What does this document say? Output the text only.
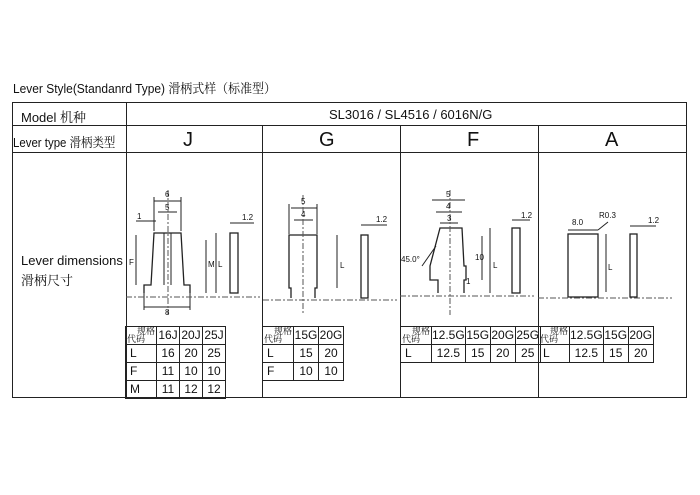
Lever Style(Standanrd Type) 滑柄式样（标准型）
Model 机种	SL3016 / SL4516 / 6016N/G
Lever type 滑柄类型	J	G	F	A
Lever dimensions
滑柄尺寸
6
5
1	1.2
8
F	M L
5
4
1.2
L
5
4
3
1
1.2
45.0°	10
L
8.0
R0.3
1.2
L
规格
代码	16J	20J	25J
L	16	20	25
F	11	10	10
M	11	12	12
规格
代码	15G	20G
L	15	20
F	10	10
规格
代码	12.5G	15G	20G	25G
L	12.5	15	20	25
规格
代码	12.5G	15G	20G
L	12.5	15	20
